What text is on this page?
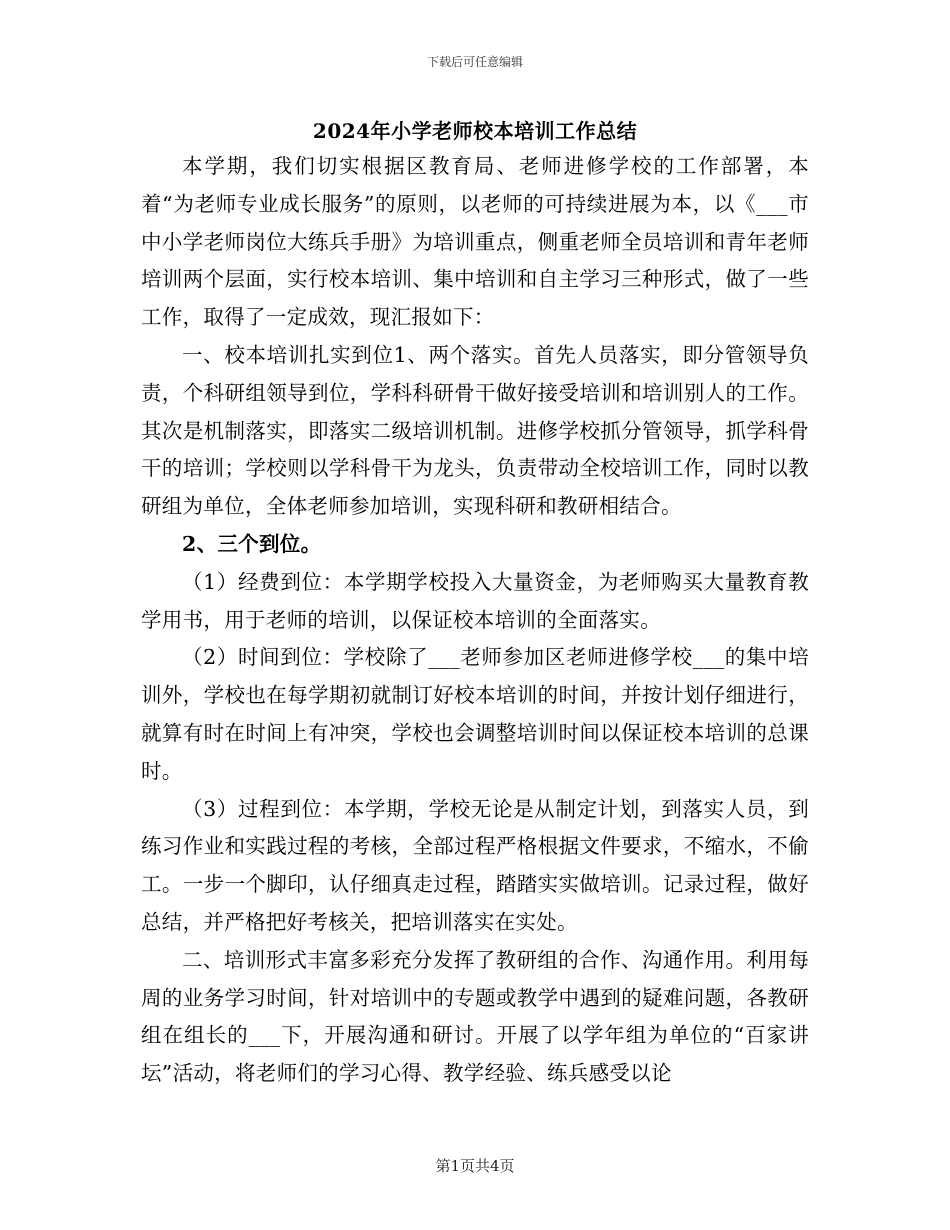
下载后可任意编辑
2024年小学老师校本培训工作总结

本学期，我们切实根据区教育局、老师进修学校的工作部署，本着“为老师专业成长服务”的原则，以老师的可持续进展为本，以《___市中小学老师岗位大练兵手册》为培训重点，侧重老师全员培训和青年老师培训两个层面，实行校本培训、集中培训和自主学习三种形式，做了一些工作，取得了一定成效，现汇报如下：

一、校本培训扎实到位1、两个落实。首先人员落实，即分管领导负责，个科研组领导到位，学科科研骨干做好接受培训和培训别人的工作。其次是机制落实，即落实二级培训机制。进修学校抓分管领导，抓学科骨干的培训；学校则以学科骨干为龙头，负责带动全校培训工作，同时以教研组为单位，全体老师参加培训，实现科研和教研相结合。

2、三个到位。

（1）经费到位：本学期学校投入大量资金，为老师购买大量教育教学用书，用于老师的培训，以保证校本培训的全面落实。

（2）时间到位：学校除了___老师参加区老师进修学校___的集中培训外，学校也在每学期初就制订好校本培训的时间，并按计划仔细进行，就算有时在时间上有冲突，学校也会调整培训时间以保证校本培训的总课时。

（3）过程到位：本学期，学校无论是从制定计划，到落实人员，到练习作业和实践过程的考核，全部过程严格根据文件要求，不缩水，不偷工。一步一个脚印，认仔细真走过程，踏踏实实做培训。记录过程，做好总结，并严格把好考核关，把培训落实在实处。

二、培训形式丰富多彩充分发挥了教研组的合作、沟通作用。利用每周的业务学习时间，针对培训中的专题或教学中遇到的疑难问题，各教研组在组长的___下，开展沟通和研讨。开展了以学年组为单位的“百家讲坛”活动，将老师们的学习心得、教学经验、练兵感受以论

第1页共4页
